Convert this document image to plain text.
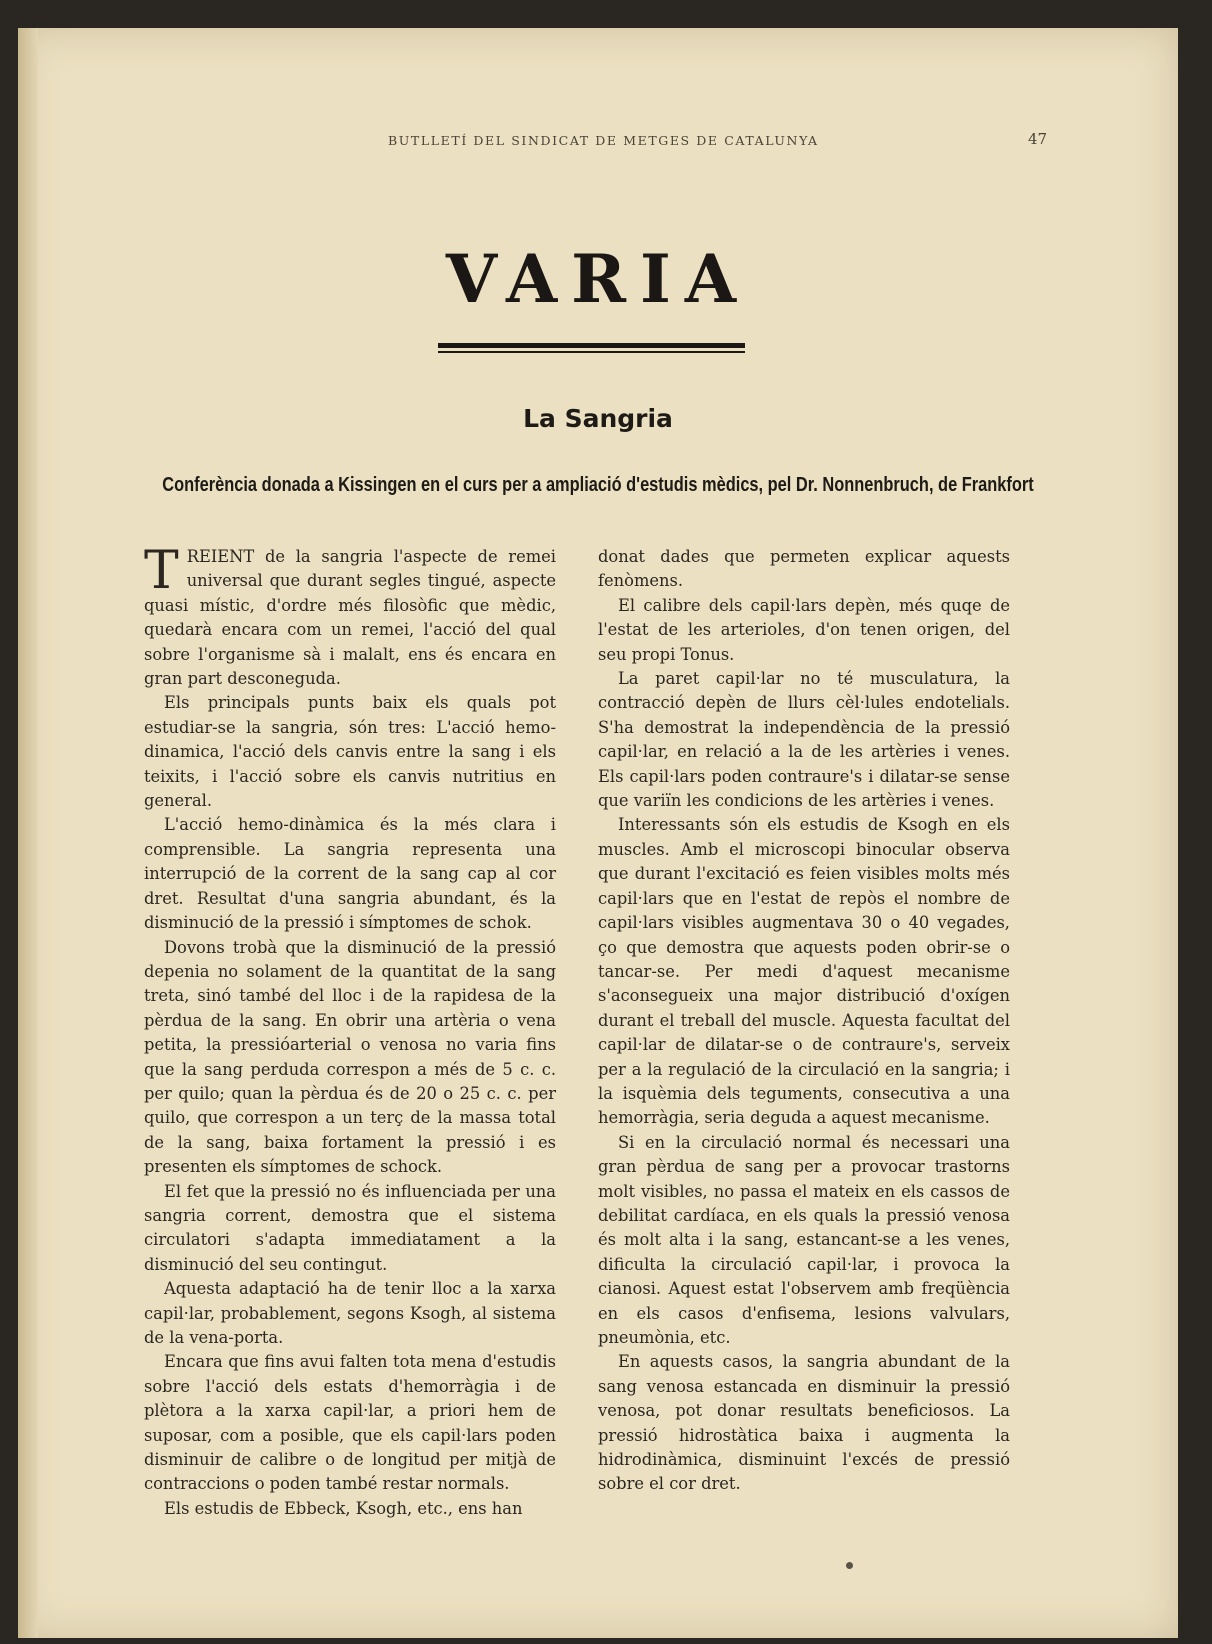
BUTLLETÍ DEL SINDICAT DE METGES DE CATALUNYA	47
VARIA
La Sangria
Conferència donada a Kissingen en el curs per a ampliació d'estudis mèdics, pel Dr. Nonnenbruch, de Frankfort

TREIENT de la sangria l'aspecte de remei universal que durant segles tingué, aspecte quasi místic, d'ordre més filosòfic que mèdic, quedarà encara com un remei, l'acció del qual sobre l'organisme sà i malalt, ens és encara en gran part desconeguda.

Els principals punts baix els quals pot estudiar-se la sangria, són tres: L'acció hemo-dinamica, l'acció dels canvis entre la sang i els teixits, i l'acció sobre els canvis nutritius en general.

L'acció hemo-dinàmica és la més clara i comprensible. La sangria representa una interrupció de la corrent de la sang cap al cor dret. Resultat d'una sangria abundant, és la disminució de la pressió i símptomes de schok.

Dovons trobà que la disminució de la pressió depenia no solament de la quantitat de la sang treta, sinó també del lloc i de la rapidesa de la pèrdua de la sang. En obrir una artèria o vena petita, la pressióarterial o venosa no varia fins que la sang perduda correspon a més de 5 c. c. per quilo; quan la pèrdua és de 20 o 25 c. c. per quilo, que correspon a un terç de la massa total de la sang, baixa fortament la pressió i es presenten els símptomes de schock.

El fet que la pressió no és influenciada per una sangria corrent, demostra que el sistema circulatori s'adapta immediatament a la disminució del seu contingut.

Aquesta adaptació ha de tenir lloc a la xarxa capil·lar, probablement, segons Ksogh, al sistema de la vena-porta.

Encara que fins avui falten tota mena d'estudis sobre l'acció dels estats d'hemorràgia i de plètora a la xarxa capil·lar, a priori hem de suposar, com a posible, que els capil·lars poden disminuir de calibre o de longitud per mitjà de contraccions o poden també restar normals.

Els estudis de Ebbeck, Ksogh, etc., ens han

donat dades que permeten explicar aquests fenòmens.

El calibre dels capil·lars depèn, més quqe de l'estat de les arterioles, d'on tenen origen, del seu propi Tonus.

La paret capil·lar no té musculatura, la contracció depèn de llurs cèl·lules endotelials. S'ha demostrat la independència de la pressió capil·lar, en relació a la de les artèries i venes. Els capil·lars poden contraure's i dilatar-se sense que variïn les condicions de les artèries i venes.

Interessants són els estudis de Ksogh en els muscles. Amb el microscopi binocular observa que durant l'excitació es feien visibles molts més capil·lars que en l'estat de repòs el nombre de capil·lars visibles augmentava 30 o 40 vegades, ço que demostra que aquests poden obrir-se o tancar-se. Per medi d'aquest mecanisme s'aconsegueix una major distribució d'oxígen durant el treball del muscle. Aquesta facultat del capil·lar de dilatar-se o de contraure's, serveix per a la regulació de la circulació en la sangria; i la isquèmia dels teguments, consecutiva a una hemorràgia, seria deguda a aquest mecanisme.

Si en la circulació normal és necessari una gran pèrdua de sang per a provocar trastorns molt visibles, no passa el mateix en els cassos de debilitat cardíaca, en els quals la pressió venosa és molt alta i la sang, estancant-se a les venes, dificulta la circulació capil·lar, i provoca la cianosi. Aquest estat l'observem amb freqüència en els casos d'enfisema, lesions valvulars, pneumònia, etc.

En aquests casos, la sangria abundant de la sang venosa estancada en disminuir la pressió venosa, pot donar resultats beneficiosos. La pressió hidrostàtica baixa i augmenta la hidrodinàmica, disminuint l'excés de pressió sobre el cor dret.
